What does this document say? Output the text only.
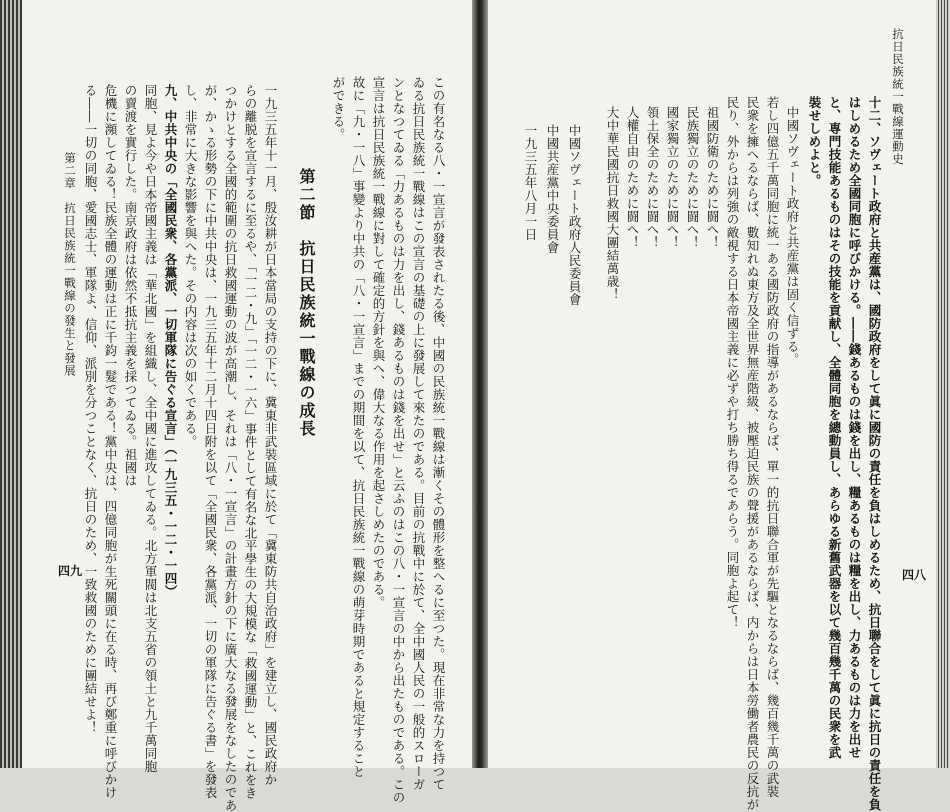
四八
抗日民族統一戰線運動史
十二、ソヴェート政府と共産黨は、國防政府をして眞に國防の責任を負はしめるため、抗日聯合をして眞に抗日の責任を負
はしめるため全國同胞に呼びかける。――錢あるものは錢を出し、糧あるものは糧を出し、力あるものは力を出せ
と、専門技能あるものはその技能を貢献し、全體同胞を總動員し、あらゆる新舊武器を以て幾百幾千萬の民衆を武
裝せしめよと。
中國ソヴェート政府と共産黨は固く信ずる。
若し四億五千萬同胞に統一ある國防政府の指導があるならば、單一的抗日聯合軍が先驅となるならば、幾百幾千萬の武裝
民衆を擁へるならば、數知れぬ東方及全世界無産階級、被壓迫民族の聲援があるならば、内からは日本勞働者農民の反抗が
民り、外からは列強の敵視する日本帝國主義に必ずや打ち勝ち得るであらう。同胞よ起て！
祖國防衛のために闘へ！
民族獨立のために闘へ！
國家獨立のために闘へ！
領土保全のために闘へ！
人權自由のために闘へ！
大中華民國抗日救國大團結萬歳！
中國ソヴェート政府人民委員會
中國共産黨中央委員會
一九三五年八月一日
四九
第二章　抗日民族統一戰線の發生と發展	この有名なる八・一宣言が發表されたる後、中國の民族統一戰線は漸くその體形を整へるに至つた。現在非常な力を持つて
ゐる抗日民族統一戰線はこの宣言の基礎の上に發展して來たのである。目前の抗戰中に於て、全中國人民の一般的スローガ
ンとなつてゐる「力あるものは力を出し、錢あるものは錢を出せ」と云ふのはこの八・一宣言の中から出たものである。この
宣言は抗日民族統一戰線に對して確定的方針を與へ、偉大なる作用を起さしめたのである。
故に「九・一八」事變より中共の「八・一宣言」までの期間を以て、抗日民族統一戰線の萌芽時期であると規定すること
ができる。
第二節　抗日民族統一戰線の成長
一九三五年十一月、殷汝耕が日本當局の支持の下に、冀東非武裝區域に於て「冀東防共自治政府」を建立し、國民政府か
らの離脱を宣言するに至るや、「一二・九」「一二・一六」事件として有名な北平學生の大規模な「救國運動」と、これをき
つかけとする全國的範圍の抗日救國運動の波が高潮し、それは「八・一宣言」の計畫方針の下に廣大なる發展をなしたのであ
が、かゝる形勢の下に中共中央は、一九三五年十二月十四日附を以て「全國民衆、各黨派、一切の軍隊に告ぐる書」を發表
し、非常に大きな影響を與へた。その内容は次の如くである。
九、中共中央の「全國民衆、各黨派、一切軍隊に告ぐる宣言」（一九三五・一二・一四）
同胞、見よ今や日本帝國主義は「華北國」を組織し、全中國に進攻してゐる。北方軍閥は北支五省の領土と九千萬同胞
の賣渡を實行した。南京政府は依然不抵抗主義を採つてゐる。祖國は
危機に瀕してゐる！民族全體の運動は正に千鈞一髮である！黨中央は、四億同胞が生死關頭に在る時、再び鄭重に呼びかけ
る――一切の同胞、愛國志士、軍隊よ、信仰、派別を分つことなく、抗日のため、一致救國のために團結せよ！
